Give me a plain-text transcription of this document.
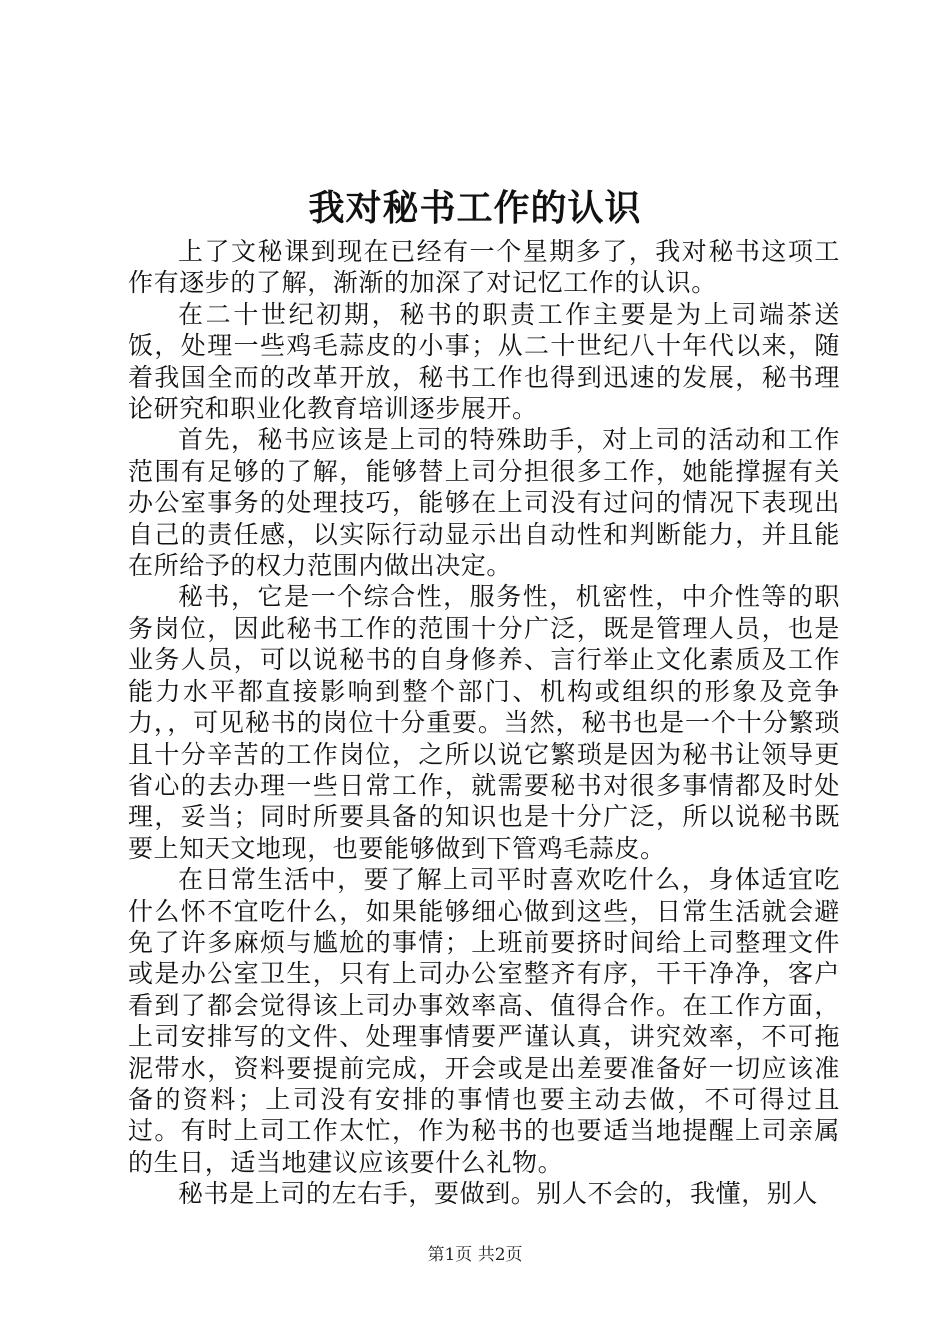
我对秘书工作的认识

上了文秘课到现在已经有一个星期多了，我对秘书这项工作有逐步的了解，渐渐的加深了对记忆工作的认识。

在二十世纪初期，秘书的职责工作主要是为上司端茶送饭，处理一些鸡毛蒜皮的小事；从二十世纪八十年代以来，随着我国全而的改革开放，秘书工作也得到迅速的发展，秘书理论研究和职业化教育培训逐步展开。

首先，秘书应该是上司的特殊助手，对上司的活动和工作范围有足够的了解，能够替上司分担很多工作，她能撑握有关办公室事务的处理技巧，能够在上司没有过问的情况下表现出自己的责任感，以实际行动显示出自动性和判断能力，并且能在所给予的权力范围内做出决定。

秘书，它是一个综合性，服务性，机密性，中介性等的职务岗位，因此秘书工作的范围十分广泛，既是管理人员，也是业务人员，可以说秘书的自身修养、言行举止文化素质及工作能力水平都直接影响到整个部门、机构或组织的形象及竞争力，，可见秘书的岗位十分重要。当然，秘书也是一个十分繁琐且十分辛苦的工作岗位，之所以说它繁琐是因为秘书让领导更省心的去办理一些日常工作，就需要秘书对很多事情都及时处理，妥当；同时所要具备的知识也是十分广泛，所以说秘书既要上知天文地现，也要能够做到下管鸡毛蒜皮。

在日常生活中，要了解上司平时喜欢吃什么，身体适宜吃什么怀不宜吃什么，如果能够细心做到这些，日常生活就会避免了许多麻烦与尴尬的事情；上班前要挤时间给上司整理文件或是办公室卫生，只有上司办公室整齐有序，干干净净，客户看到了都会觉得该上司办事效率高、值得合作。在工作方面，上司安排写的文件、处理事情要严谨认真，讲究效率，不可拖泥带水，资料要提前完成，开会或是出差要准备好一切应该准备的资料；上司没有安排的事情也要主动去做，不可得过且过。有时上司工作太忙，作为秘书的也要适当地提醒上司亲属的生日，适当地建议应该要什么礼物。

秘书是上司的左右手，要做到。别人不会的，我懂，别人

第1页 共2页
